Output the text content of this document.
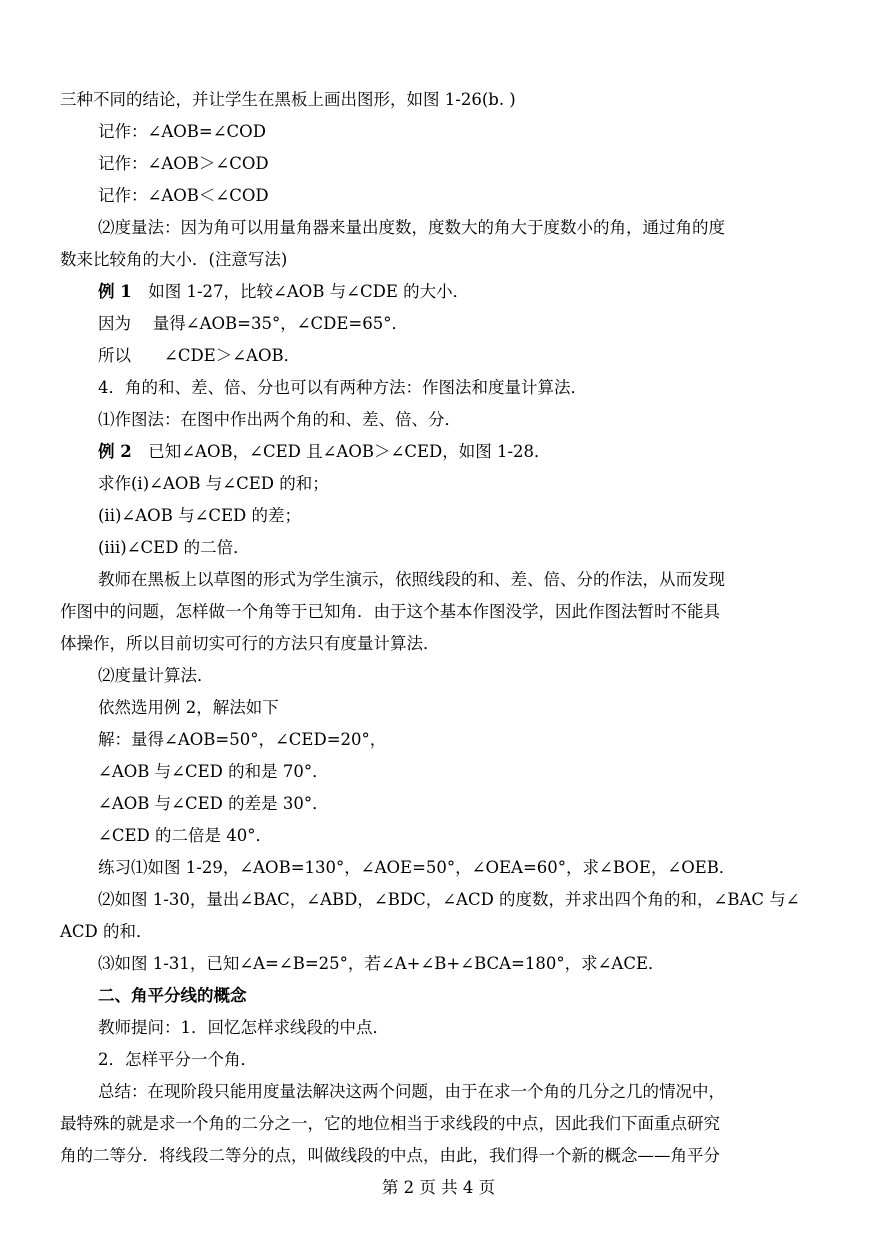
三种不同的结论，并让学生在黑板上画出图形，如图 1-26(b. )
记作：∠AOB=∠COD
记作：∠AOB＞∠COD
记作：∠AOB＜∠COD
⑵度量法：因为角可以用量角器来量出度数，度数大的角大于度数小的角，通过角的度
数来比较角的大小．(注意写法)
例 1　如图 1-27，比较∠AOB 与∠CDE 的大小．
因为　 量得∠AOB=35°，∠CDE=65°．
所以　　∠CDE＞∠AOB．
4．角的和、差、倍、分也可以有两种方法：作图法和度量计算法．
⑴作图法：在图中作出两个角的和、差、倍、分．
例 2　已知∠AOB，∠CED 且∠AOB＞∠CED，如图 1-28．
求作(i)∠AOB 与∠CED 的和；
(ii)∠AOB 与∠CED 的差；
(iii)∠CED 的二倍．
教师在黑板上以草图的形式为学生演示，依照线段的和、差、倍、分的作法，从而发现
作图中的问题，怎样做一个角等于已知角．由于这个基本作图没学，因此作图法暂时不能具
体操作，所以目前切实可行的方法只有度量计算法．
⑵度量计算法．
依然选用例 2，解法如下
解：量得∠AOB=50°，∠CED=20°，
∠AOB 与∠CED 的和是 70°．
∠AOB 与∠CED 的差是 30°．
∠CED 的二倍是 40°．
练习⑴如图 1-29，∠AOB=130°，∠AOE=50°，∠OEA=60°，求∠BOE，∠OEB．
⑵如图 1-30，量出∠BAC，∠ABD，∠BDC，∠ACD 的度数，并求出四个角的和，∠BAC 与∠
ACD 的和．
⑶如图 1-31，已知∠A=∠B=25°，若∠A+∠B+∠BCA=180°，求∠ACE．
二、角平分线的概念
教师提问：1．回忆怎样求线段的中点．
2．怎样平分一个角．
总结：在现阶段只能用度量法解决这两个问题，由于在求一个角的几分之几的情况中，
最特殊的就是求一个角的二分之一，它的地位相当于求线段的中点，因此我们下面重点研究
角的二等分．将线段二等分的点，叫做线段的中点，由此，我们得一个新的概念——角平分
第 2 页 共 4 页
